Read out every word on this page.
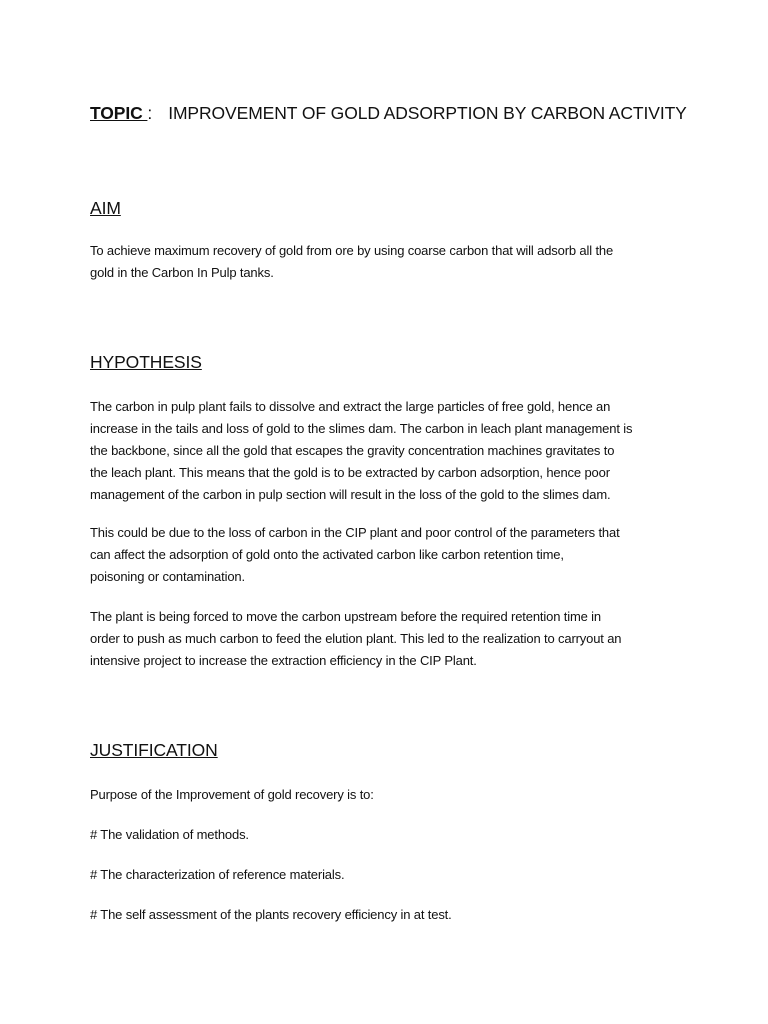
TOPIC : IMPROVEMENT OF GOLD ADSORPTION BY CARBON ACTIVITY
AIM
To achieve maximum recovery of gold from ore by using coarse carbon that will adsorb all the
gold in the Carbon In Pulp tanks.
HYPOTHESIS
The carbon in pulp plant fails to dissolve and extract the large particles of free gold, hence an
increase in the tails and loss of gold to the slimes dam. The carbon in leach plant management is
the backbone, since all the gold that escapes the gravity concentration machines gravitates to
the leach plant. This means that the gold is to be extracted by carbon adsorption, hence poor
management of the carbon in pulp section will result in the loss of the gold to the slimes dam.
This could be due to the loss of carbon in the CIP plant and poor control of the parameters that
can affect the adsorption of gold onto the activated carbon like carbon retention time,
poisoning or contamination.
The plant is being forced to move the carbon upstream before the required retention time in
order to push as much carbon to feed the elution plant. This led to the realization to carryout an
intensive project to increase the extraction efficiency in the CIP Plant.
JUSTIFICATION
Purpose of the Improvement of gold recovery is to:
# The validation of methods.
# The characterization of reference materials.
# The self assessment of the plants recovery efficiency in at test.
